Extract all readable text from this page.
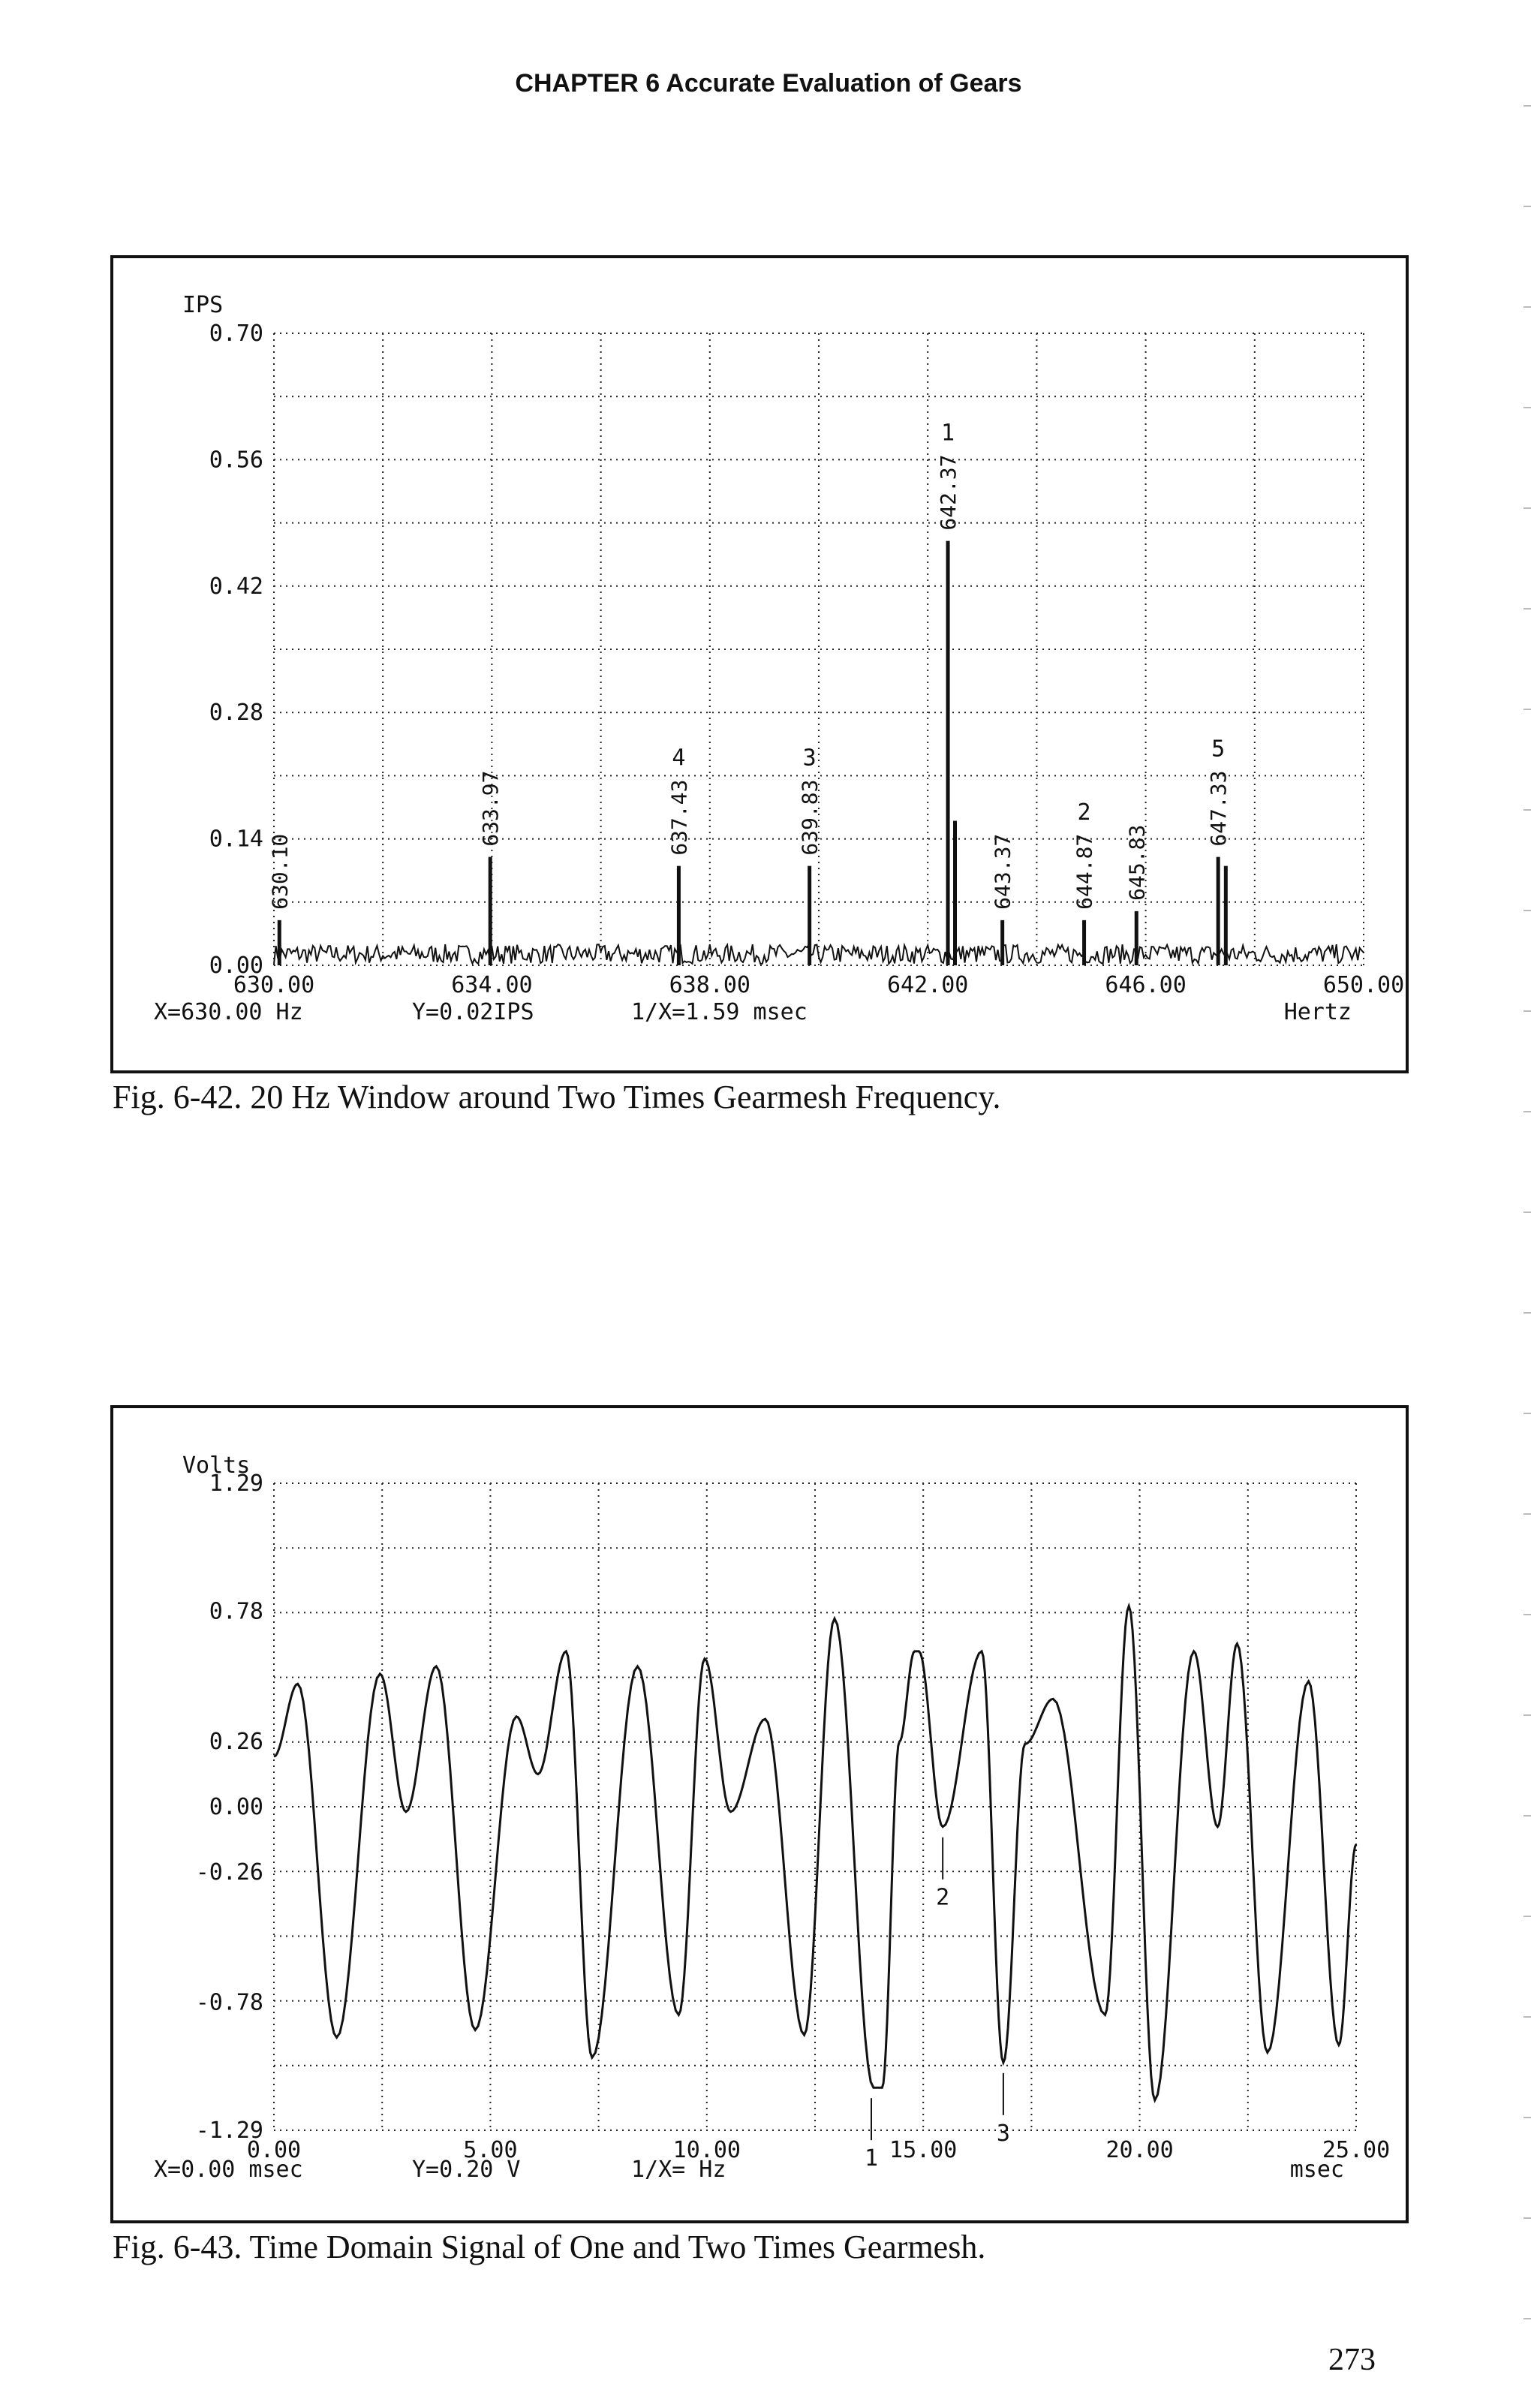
CHAPTER 6 Accurate Evaluation of Gears
IPS
Hertz
X=630.00 Hz	Y=0.02IPS	1/X=1.59 msec
0.70
0.56
0.42
0.28
0.14
0.00
630.00	634.00	638.00	642.00	646.00	650.00
630.10
633.97	637.43
4
639.83
3
642.37
1
643.37	644.87
2
645.83
647.33
5
Fig. 6-42. 20 Hz Window around Two Times Gearmesh Frequency.
Volts
msec
X=0.00 msec	Y=0.20 V	1/X= Hz
1.29
0.78
0.26
0.00
-0.26
-0.78
-1.29
0.00	5.00	10.00	15.00	20.00	25.00
1
2
3
Fig. 6-43. Time Domain Signal of One and Two Times Gearmesh.
273
